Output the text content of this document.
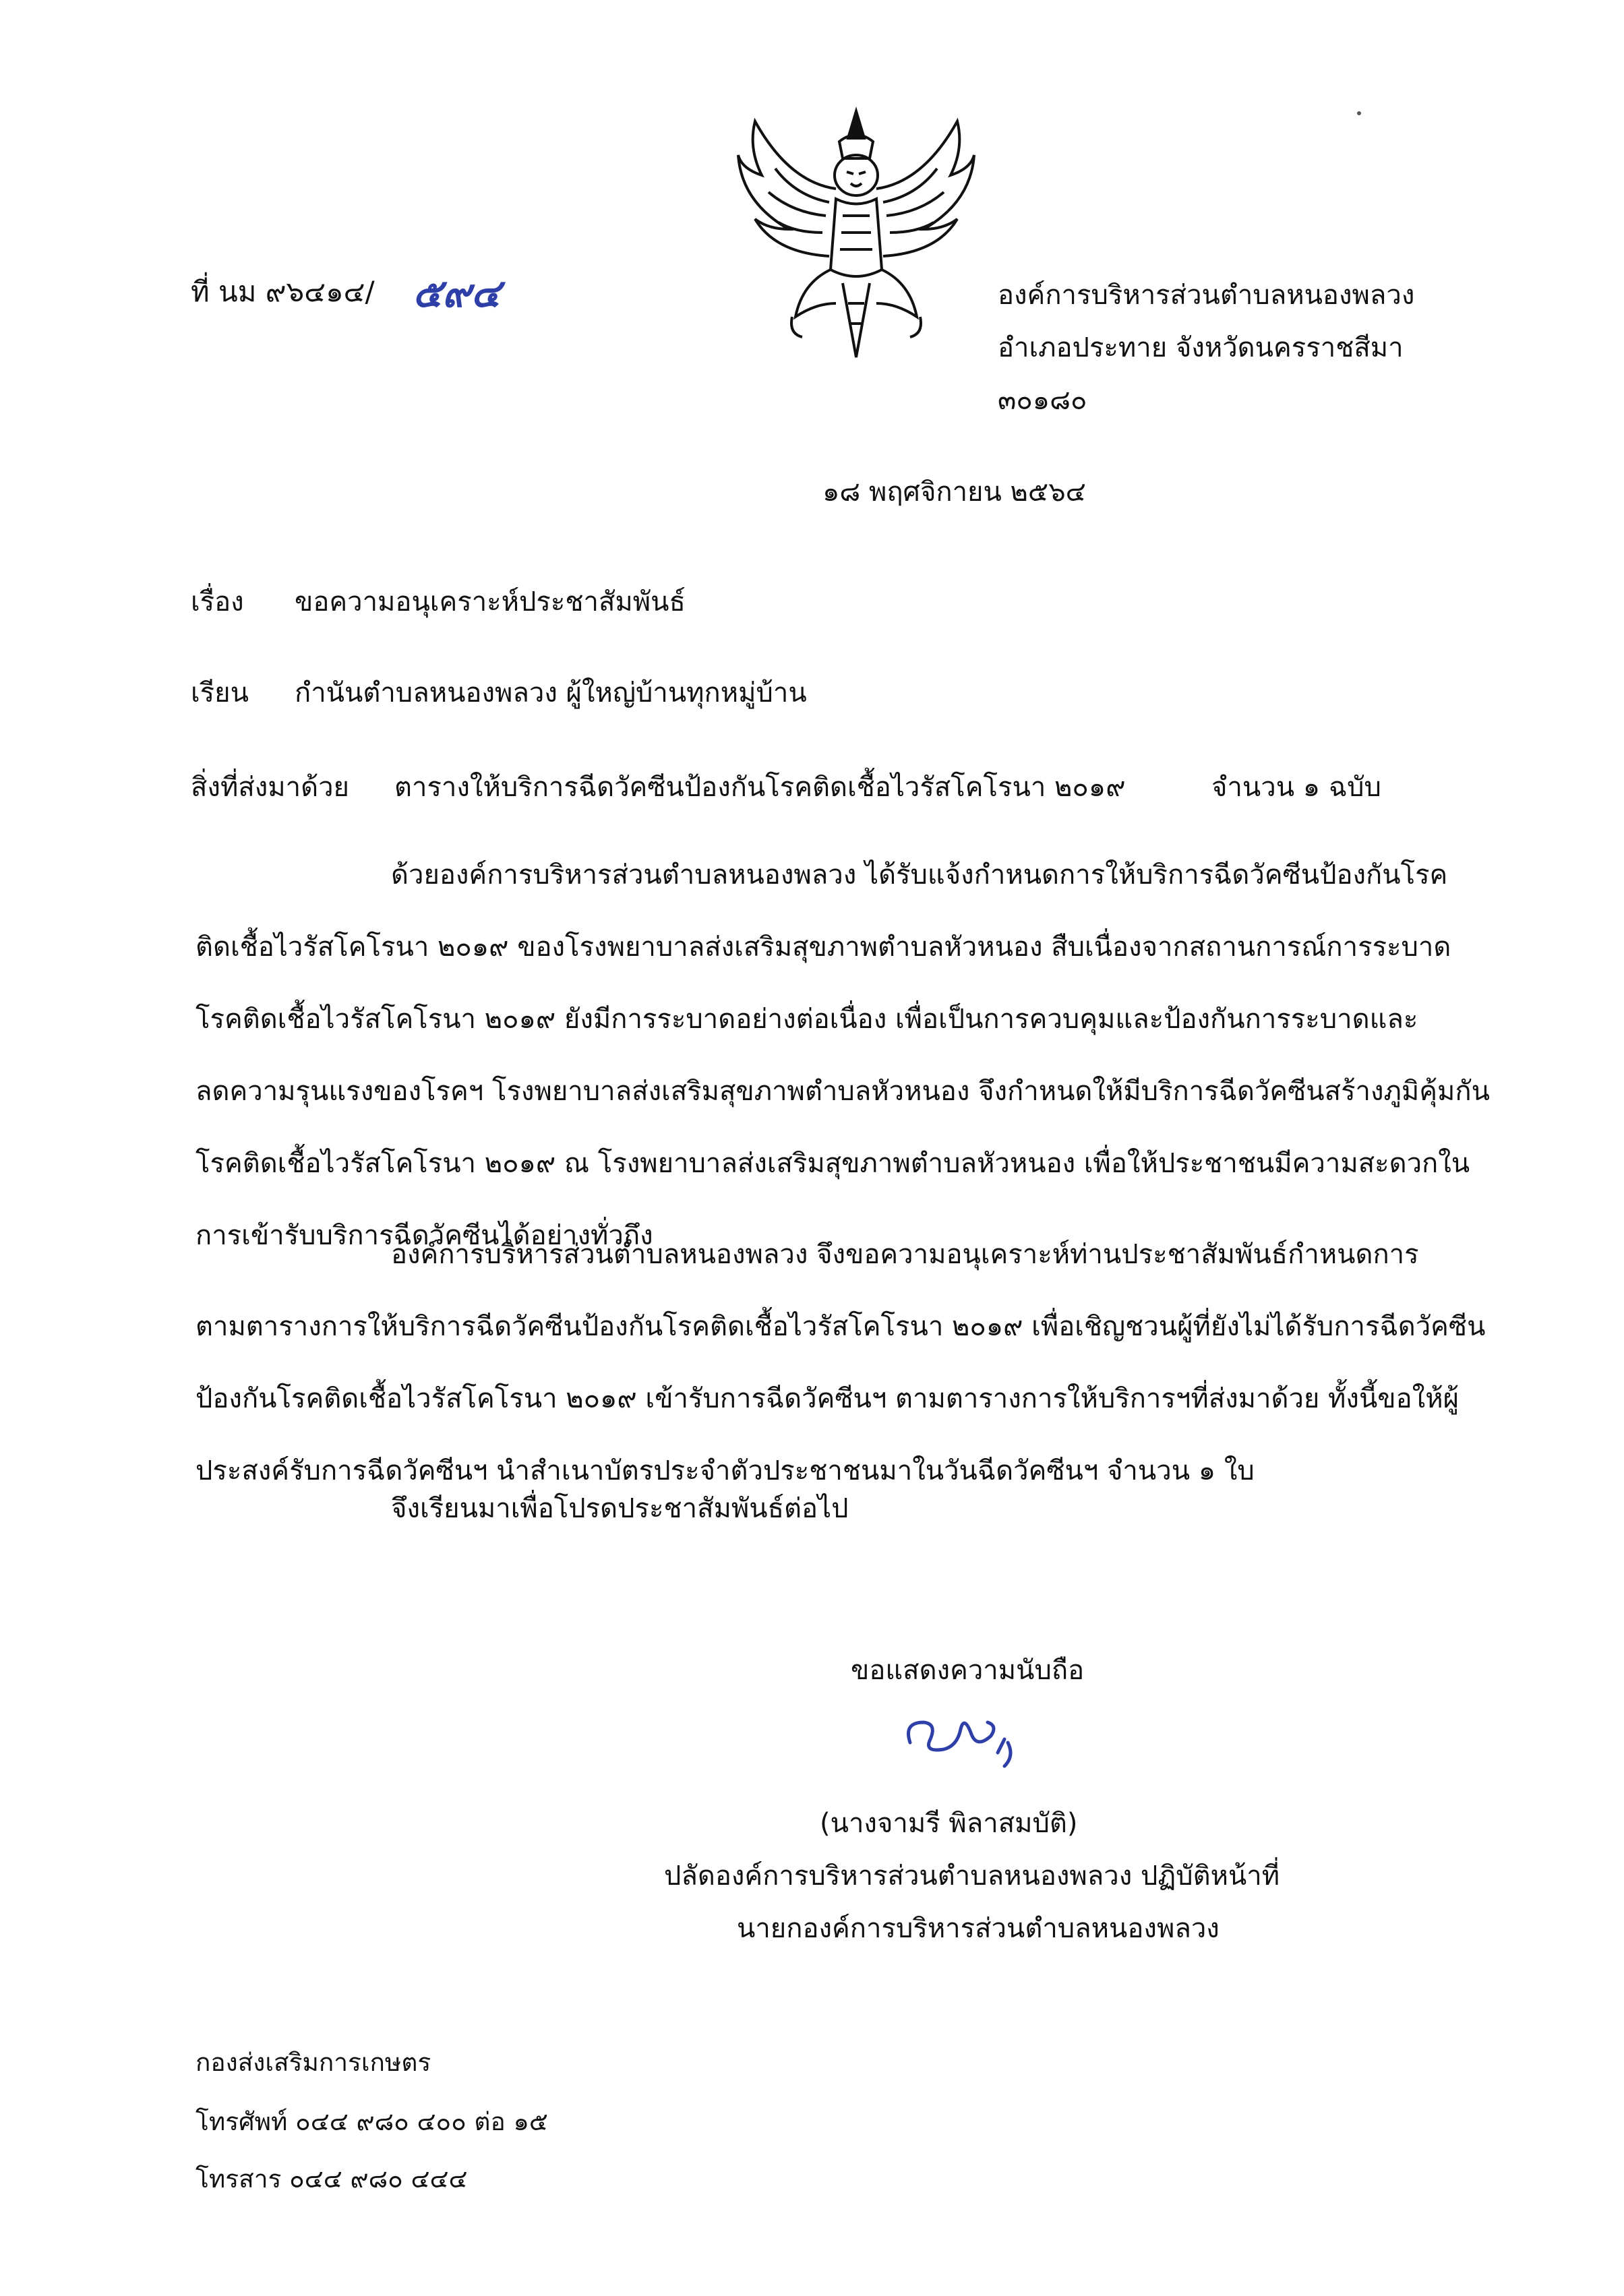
ที่ นม ๙๖๔๑๔/ ๕๙๔	องค์การบริหารส่วนตำบลหนองพลวง
อำเภอประทาย จังหวัดนครราชสีมา
๓๐๑๘๐
๑๘ พฤศจิกายน ๒๕๖๔
เรื่อง ขอความอนุเคราะห์ประชาสัมพันธ์
เรียน กำนันตำบลหนองพลวง ผู้ใหญ่บ้านทุกหมู่บ้าน
สิ่งที่ส่งมาด้วย ตารางให้บริการฉีดวัคซีนป้องกันโรคติดเชื้อไวรัสโคโรนา ๒๐๑๙	จำนวน ๑ ฉบับ

ด้วยองค์การบริหารส่วนตำบลหนองพลวง ได้รับแจ้งกำหนดการให้บริการฉีดวัคซีนป้องกันโรค

ติดเชื้อไวรัสโคโรนา ๒๐๑๙ ของโรงพยาบาลส่งเสริมสุขภาพตำบลหัวหนอง สืบเนื่องจากสถานการณ์การระบาด

โรคติดเชื้อไวรัสโคโรนา ๒๐๑๙ ยังมีการระบาดอย่างต่อเนื่อง เพื่อเป็นการควบคุมและป้องกันการระบาดและ

ลดความรุนแรงของโรคฯ โรงพยาบาลส่งเสริมสุขภาพตำบลหัวหนอง จึงกำหนดให้มีบริการฉีดวัคซีนสร้างภูมิคุ้มกัน

โรคติดเชื้อไวรัสโคโรนา ๒๐๑๙ ณ โรงพยาบาลส่งเสริมสุขภาพตำบลหัวหนอง เพื่อให้ประชาชนมีความสะดวกใน

การเข้ารับบริการฉีดวัคซีนได้อย่างทั่วถึง

องค์การบริหารส่วนตำบลหนองพลวง จึงขอความอนุเคราะห์ท่านประชาสัมพันธ์กำหนดการ

ตามตารางการให้บริการฉีดวัคซีนป้องกันโรคติดเชื้อไวรัสโคโรนา ๒๐๑๙ เพื่อเชิญชวนผู้ที่ยังไม่ได้รับการฉีดวัคซีน

ป้องกันโรคติดเชื้อไวรัสโคโรนา ๒๐๑๙ เข้ารับการฉีดวัคซีนฯ ตามตารางการให้บริการฯที่ส่งมาด้วย ทั้งนี้ขอให้ผู้

ประสงค์รับการฉีดวัคซีนฯ นำสำเนาบัตรประจำตัวประชาชนมาในวันฉีดวัคซีนฯ จำนวน ๑ ใบ

จึงเรียนมาเพื่อโปรดประชาสัมพันธ์ต่อไป
ขอแสดงความนับถือ
(นางจามรี พิลาสมบัติ)
ปลัดองค์การบริหารส่วนตำบลหนองพลวง ปฏิบัติหน้าที่
นายกองค์การบริหารส่วนตำบลหนองพลวง
กองส่งเสริมการเกษตร
โทรศัพท์ ๐๔๔ ๙๘๐ ๔๐๐ ต่อ ๑๕
โทรสาร ๐๔๔ ๙๘๐ ๔๔๔
